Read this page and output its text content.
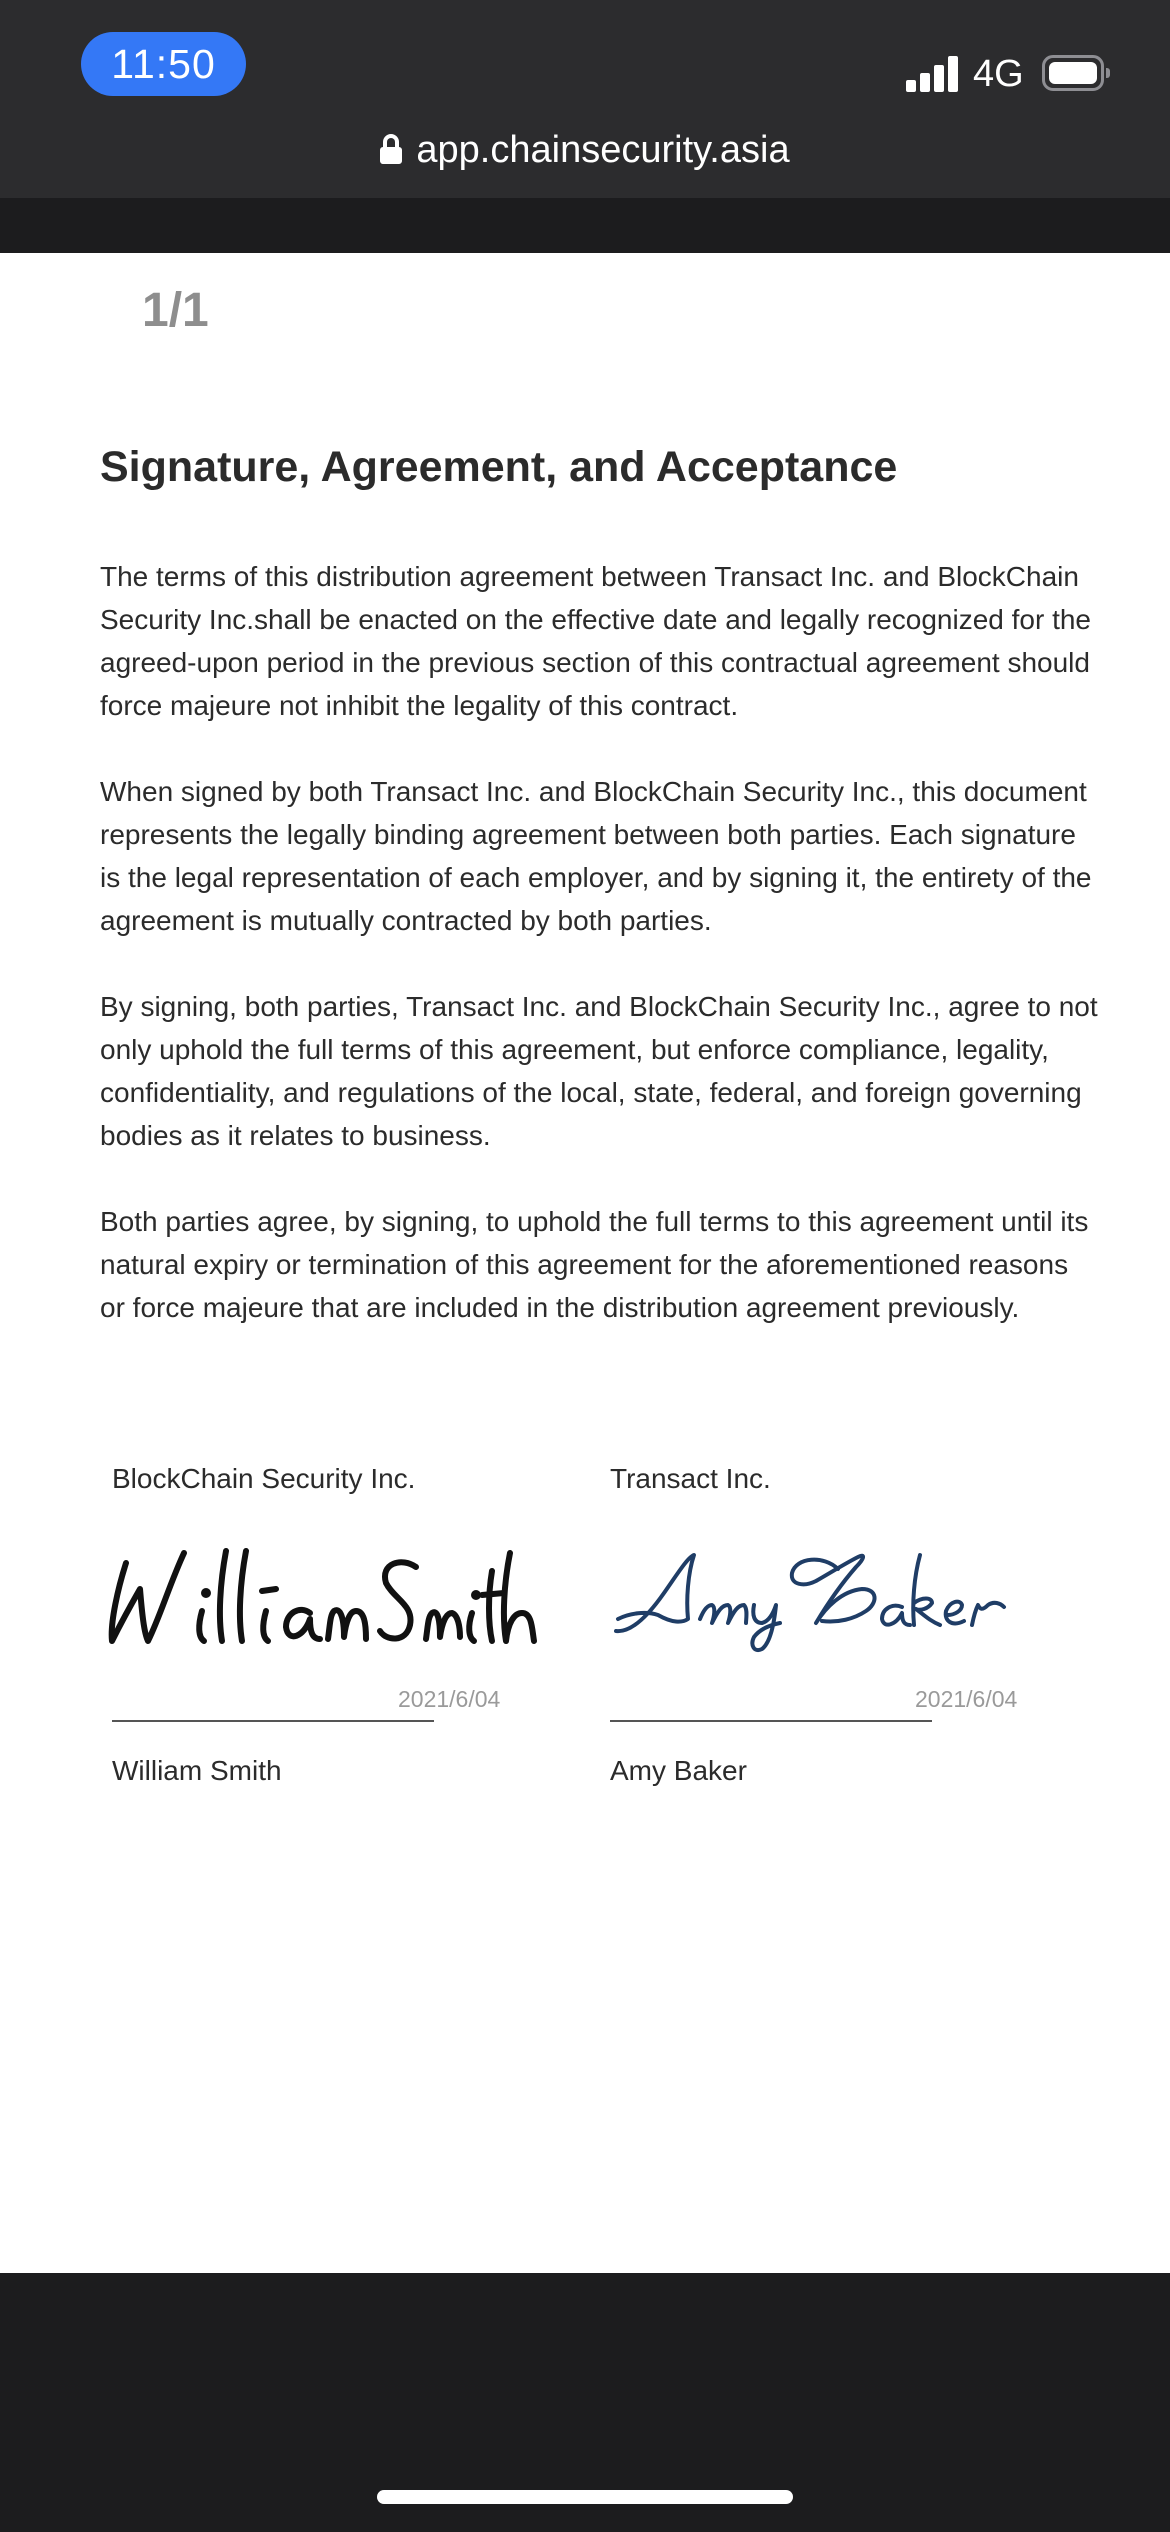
11:50	4G
app.chainsecurity.asia
1/1
Signature, Agreement, and Acceptance

The terms of this distribution agreement between Transact Inc. and BlockChain Security Inc.shall be enacted on the effective date and legally recognized for the agreed-upon period in the previous section of this contractual agreement should force majeure not inhibit the legality of this contract.

When signed by both Transact Inc. and BlockChain Security Inc., this document represents the legally binding agreement between both parties. Each signature is the legal representation of each employer, and by signing it, the entirety of the agreement is mutually contracted by both parties.

By signing, both parties, Transact Inc. and BlockChain Security Inc., agree to not only uphold the full terms of this agreement, but enforce compliance, legality, confidentiality, and regulations of the local, state, federal, and foreign governing bodies as it relates to business.

Both parties agree, by signing, to uphold the full terms to this agreement until its natural expiry or termination of this agreement for the aforementioned reasons or force majeure that are included in the distribution agreement previously.

BlockChain Security Inc.
2021/6/04
William Smith
Transact Inc.
2021/6/04
Amy Baker
